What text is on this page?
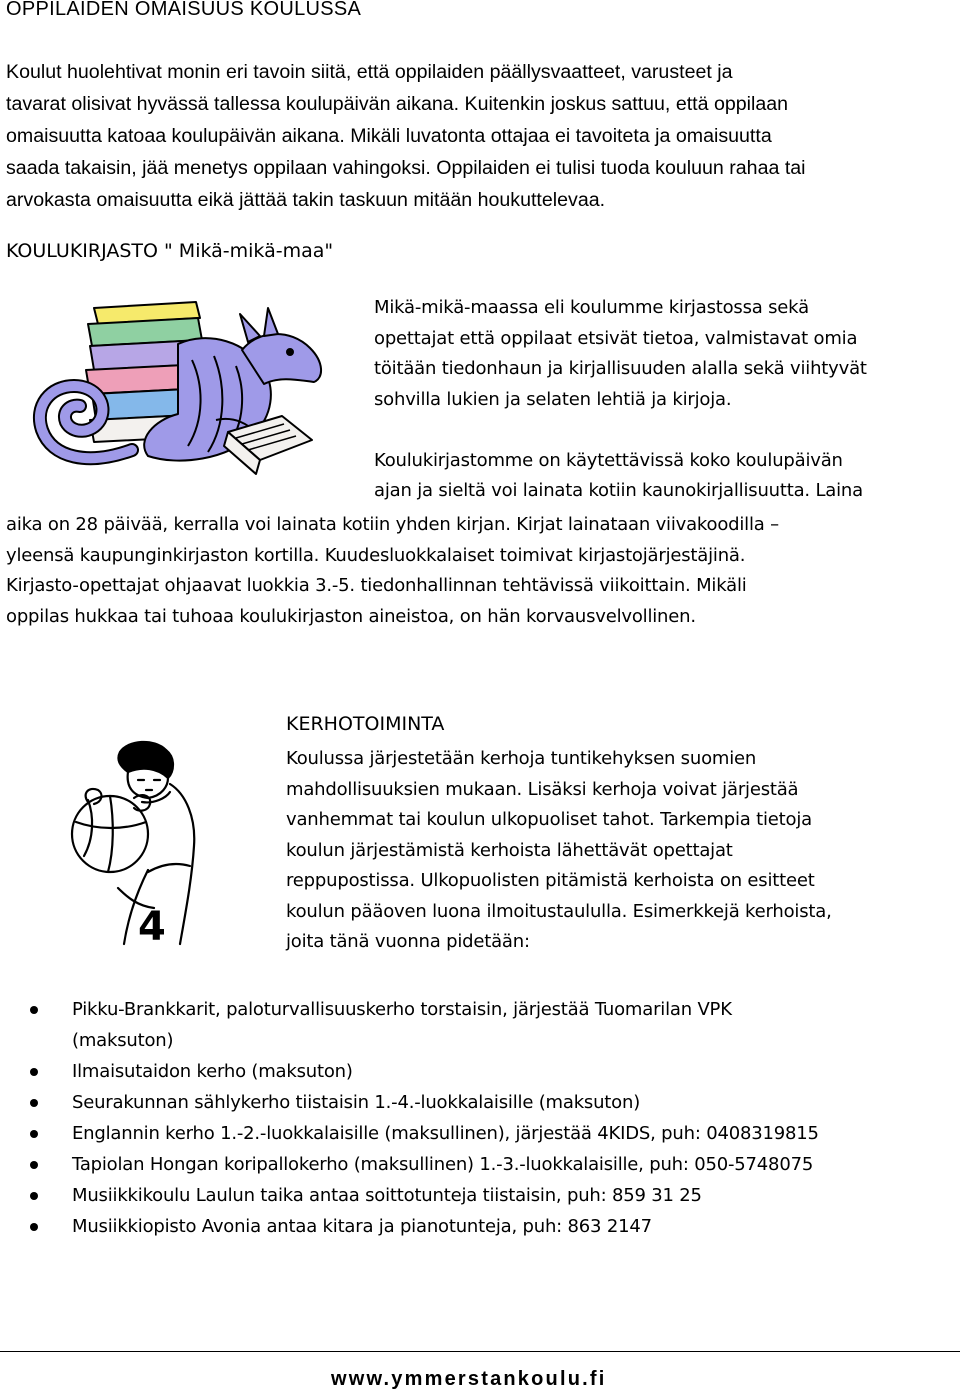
OPPILAIDEN OMAISUUS KOULUSSA
Koulut huolehtivat monin eri tavoin siitä, että oppilaiden päällysvaatteet, varusteet ja
tavarat olisivat hyvässä tallessa koulupäivän aikana. Kuitenkin joskus sattuu, että oppilaan
omaisuutta katoaa koulupäivän aikana. Mikäli luvatonta ottajaa ei tavoiteta ja omaisuutta
saada takaisin, jää menetys oppilaan vahingoksi. Oppilaiden ei tulisi tuoda kouluun rahaa tai
arvokasta omaisuutta eikä jättää takin taskuun mitään houkuttelevaa.
KOULUKIRJASTO " Mikä-mikä-maa"
Mikä-mikä-maassa eli koulumme kirjastossa sekä
opettajat että oppilaat etsivät tietoa, valmistavat omia
töitään tiedonhaun ja kirjallisuuden alalla sekä viihtyvät
sohvilla lukien ja selaten lehtiä ja kirjoja.
Koulukirjastomme on käytettävissä koko koulupäivän
ajan ja sieltä voi lainata kotiin kaunokirjallisuutta. Laina
aika on 28 päivää, kerralla voi lainata kotiin yhden kirjan. Kirjat lainataan viivakoodilla –
yleensä kaupunginkirjaston kortilla. Kuudesluokkalaiset toimivat kirjastojärjestäjinä.
Kirjasto-opettajat ohjaavat luokkia 3.-5. tiedonhallinnan tehtävissä viikoittain. Mikäli
oppilas hukkaa tai tuhoaa koulukirjaston aineistoa, on hän korvausvelvollinen.
4
KERHOTOIMINTA
Koulussa järjestetään kerhoja tuntikehyksen suomien
mahdollisuuksien mukaan. Lisäksi kerhoja voivat järjestää
vanhemmat tai koulun ulkopuoliset tahot. Tarkempia tietoja
koulun järjestämistä kerhoista lähettävät opettajat
reppupostissa. Ulkopuolisten pitämistä kerhoista on esitteet
koulun pääoven luona ilmoitustaululla. Esimerkkejä kerhoista,
joita tänä vuonna pidetään:
Pikku-Brankkarit, paloturvallisuuskerho torstaisin, järjestää Tuomarilan VPK
(maksuton)
Ilmaisutaidon kerho (maksuton)
Seurakunnan sählykerho tiistaisin 1.-4.-luokkalaisille (maksuton)
Englannin kerho 1.-2.-luokkalaisille (maksullinen), järjestää 4KIDS, puh: 0408319815
Tapiolan Hongan koripallokerho (maksullinen) 1.-3.-luokkalaisille, puh: 050-5748075
Musiikkikoulu Laulun taika antaa soittotunteja tiistaisin, puh: 859 31 25
Musiikkiopisto Avonia antaa kitara ja pianotunteja, puh: 863 2147
www.ymmerstankoulu.fi
